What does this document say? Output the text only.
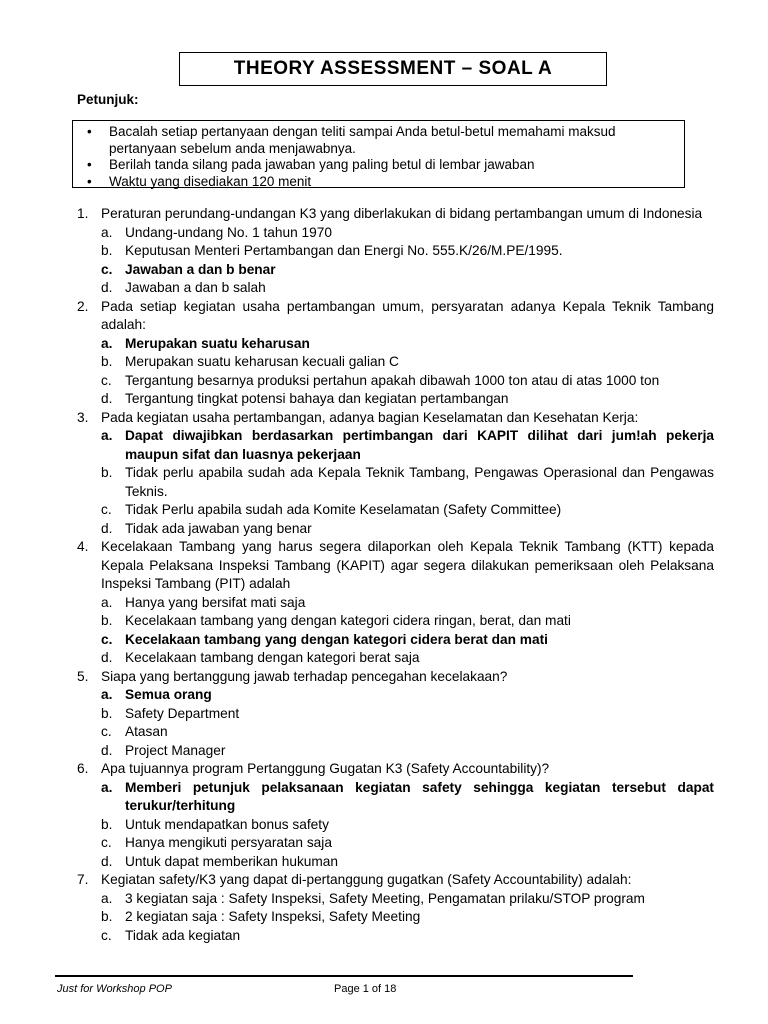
THEORY ASSESSMENT – SOAL A
Petunjuk:
• Bacalah setiap pertanyaan dengan teliti sampai Anda betul-betul memahami maksud pertanyaan sebelum anda menjawabnya.
• Berilah tanda silang pada jawaban yang paling betul di lembar jawaban
• Waktu yang disediakan 120 menit
1. Peraturan perundang-undangan K3 yang diberlakukan di bidang pertambangan umum di Indonesia
a. Undang-undang No. 1 tahun 1970
b. Keputusan Menteri Pertambangan dan Energi No. 555.K/26/M.PE/1995.
c. Jawaban a dan b benar
d. Jawaban a dan b salah
2. Pada setiap kegiatan usaha pertambangan umum, persyaratan adanya Kepala Teknik Tambang adalah:
a. Merupakan suatu keharusan
b. Merupakan suatu keharusan kecuali galian C
c. Tergantung besarnya produksi pertahun apakah dibawah 1000 ton atau di atas 1000 ton
d. Tergantung tingkat potensi bahaya dan kegiatan pertambangan
3. Pada kegiatan usaha pertambangan, adanya bagian Keselamatan dan Kesehatan Kerja:
a. Dapat diwajibkan berdasarkan pertimbangan dari KAPIT dilihat dari jum!ah pekerja maupun sifat dan luasnya pekerjaan
b. Tidak perlu apabila sudah ada Kepala Teknik Tambang, Pengawas Operasional dan Pengawas Teknis.
c. Tidak Perlu apabila sudah ada Komite Keselamatan (Safety Committee)
d. Tidak ada jawaban yang benar
4. Kecelakaan Tambang yang harus segera dilaporkan oleh Kepala Teknik Tambang (KTT) kepada Kepala Pelaksana Inspeksi Tambang (KAPIT) agar segera dilakukan pemeriksaan oleh Pelaksana Inspeksi Tambang (PIT) adalah
a. Hanya yang bersifat mati saja
b. Kecelakaan tambang yang dengan kategori cidera ringan, berat, dan mati
c. Kecelakaan tambang yang dengan kategori cidera berat dan mati
d. Kecelakaan tambang dengan kategori berat saja
5. Siapa yang bertanggung jawab terhadap pencegahan kecelakaan?
a. Semua orang
b. Safety Department
c. Atasan
d. Project Manager
6. Apa tujuannya program Pertanggung Gugatan K3 (Safety Accountability)?
a. Memberi petunjuk pelaksanaan kegiatan safety sehingga kegiatan tersebut dapat terukur/terhitung
b. Untuk mendapatkan bonus safety
c. Hanya mengikuti persyaratan saja
d. Untuk dapat memberikan hukuman
7. Kegiatan safety/K3 yang dapat di-pertanggung gugatkan (Safety Accountability) adalah:
a. 3 kegiatan saja : Safety Inspeksi, Safety Meeting, Pengamatan prilaku/STOP program
b. 2 kegiatan saja : Safety Inspeksi, Safety Meeting
c. Tidak ada kegiatan
Just for Workshop POP	Page 1 of 18
